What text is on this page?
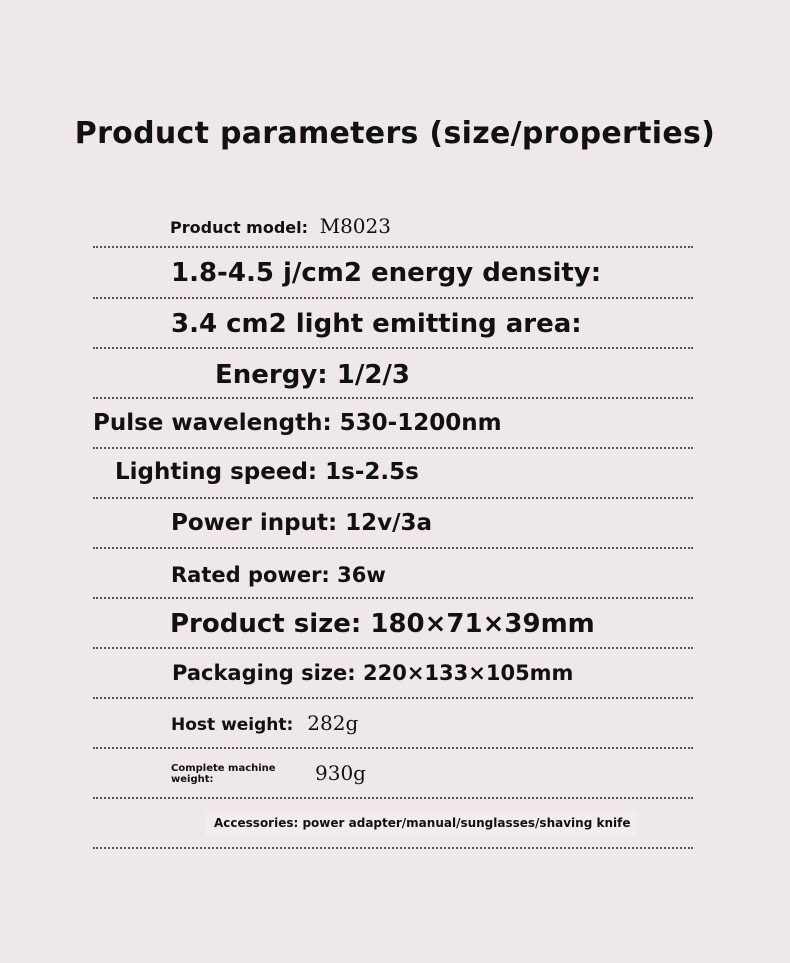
Product parameters (size/properties)
Product model: M8023
1.8-4.5 j/cm2 energy density:
3.4 cm2 light emitting area:
Energy: 1/2/3
Pulse wavelength: 530-1200nm
Lighting speed: 1s-2.5s
Power input: 12v/3a
Rated power: 36w
Product size: 180×71×39mm
Packaging size: 220×133×105mm
Host weight: 282g
Complete machine
weight:	930g
Accessories: power adapter/manual/sunglasses/shaving knife
